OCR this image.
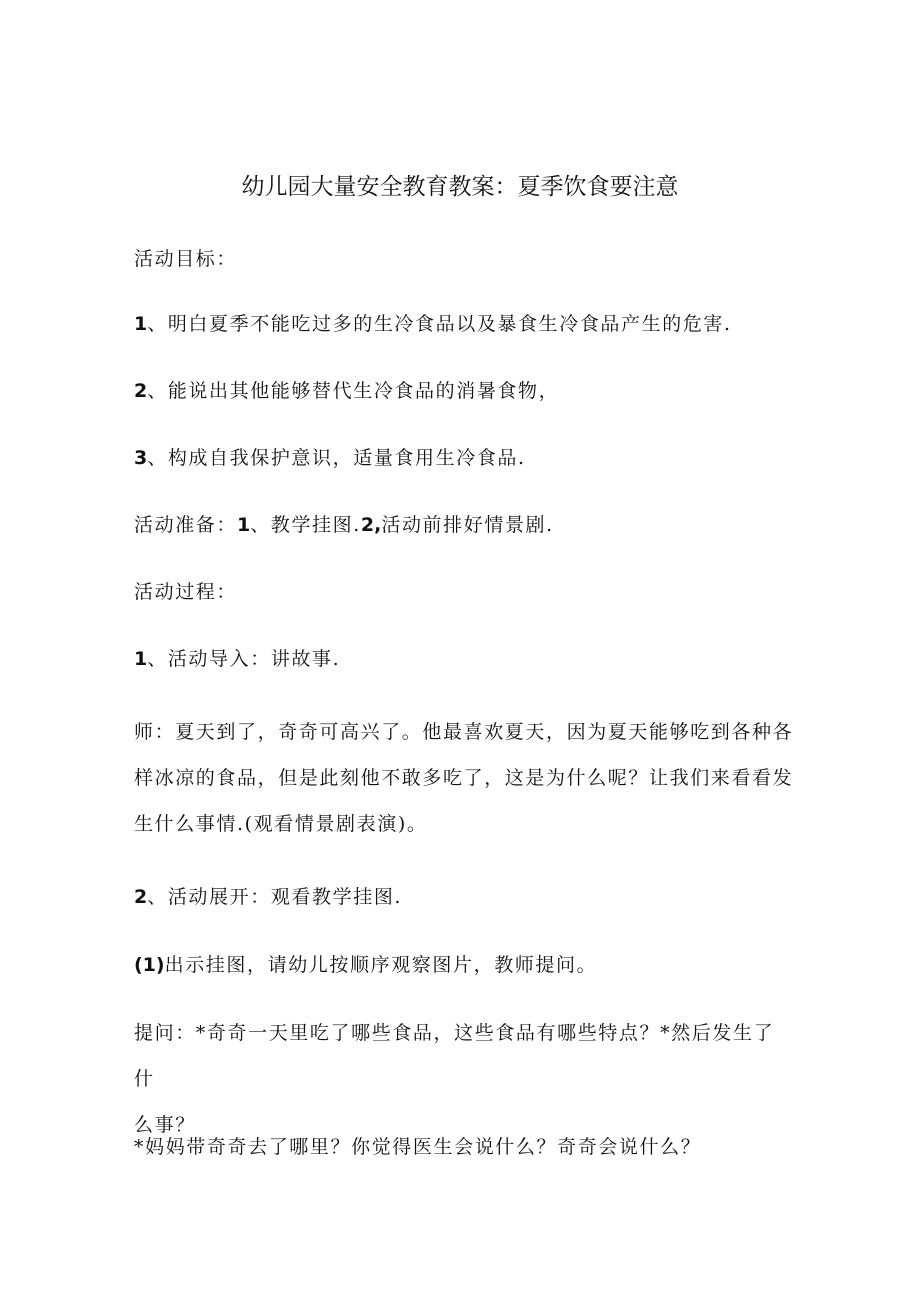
幼儿园大量安全教育教案：夏季饮食要注意
活动目标：
1、明白夏季不能吃过多的生冷食品以及暴食生冷食品产生的危害.
2、能说出其他能够替代生冷食品的消暑食物，
3、构成自我保护意识，适量食用生冷食品.
活动准备：1、教学挂图.2,活动前排好情景剧.
活动过程：
1、活动导入：讲故事.
师：夏天到了，奇奇可高兴了。他最喜欢夏天，因为夏天能够吃到各种各
样冰凉的食品，但是此刻他不敢多吃了，这是为什么呢？让我们来看看发
生什么事情.(观看情景剧表演)。
2、活动展开：观看教学挂图.
(1)出示挂图，请幼儿按顺序观察图片，教师提问。
提问：*奇奇一天里吃了哪些食品，这些食品有哪些特点？*然后发生了什
么事？
*妈妈带奇奇去了哪里？你觉得医生会说什么？奇奇会说什么？
